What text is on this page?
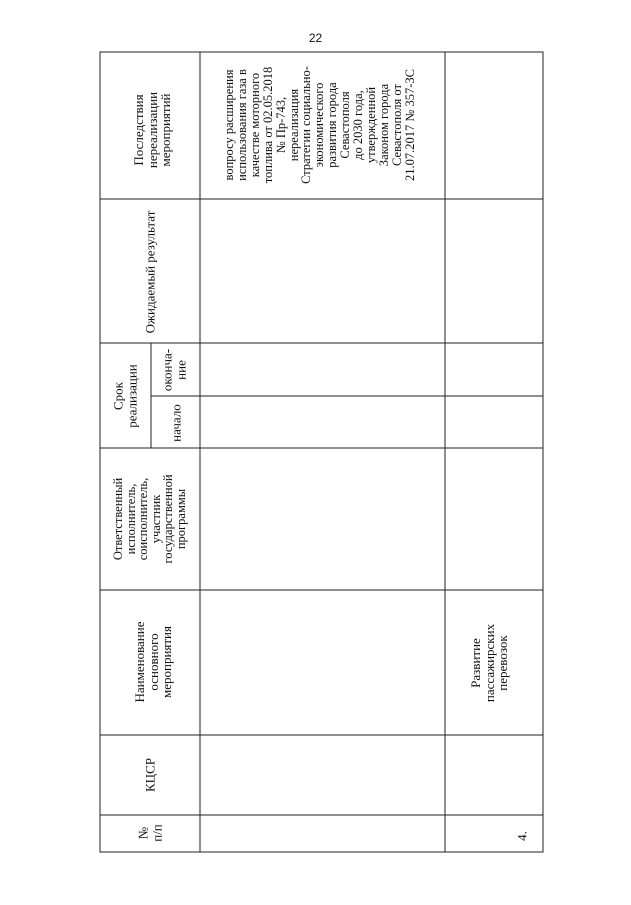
22
№
п/п
КЦСР
Наименование
основного
мероприятия
Ответственный
исполнитель,
соисполнитель,
участник
государственной
программы
Срок
реализации начало
оконча-
ние
Ожидаемый результат
Последствия
нереализации
мероприятий	вопросу расширения
использования газа в
качестве моторного
топлива от 02.05.2018
№ Пр-743,
нереализация
Стратегии социально-
экономического
развития города
Севастополя
до 2030 года,
утвержденной
Законом города
Севастополя от
21.07.2017 № 357-ЗС
4.
Развитие
пассажирских
перевозок
